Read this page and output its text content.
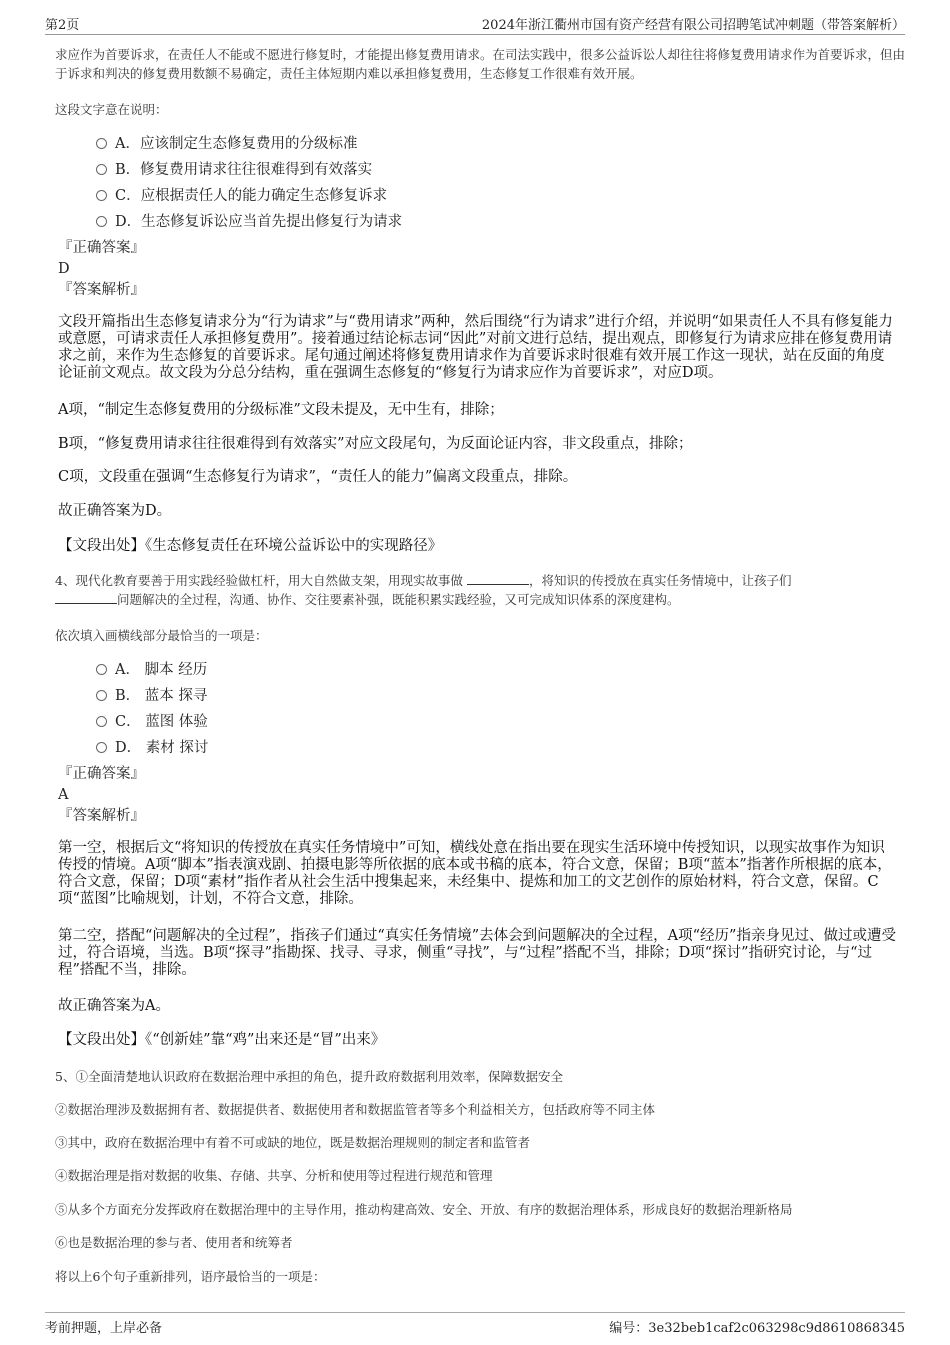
第2页	2024年浙江衢州市国有资产经营有限公司招聘笔试冲刺题（带答案解析）

求应作为首要诉求，在责任人不能或不愿进行修复时，才能提出修复费用请求。在司法实践中，很多公益诉讼人却往往将修复费用请求作为首要诉求，但由于诉求和判决的修复费用数额不易确定，责任主体短期内难以承担修复费用，生态修复工作很难有效开展。

这段文字意在说明：

A．应该制定生态修复费用的分级标准
B．修复费用请求往往很难得到有效落实
C．应根据责任人的能力确定生态修复诉求
D．生态修复诉讼应当首先提出修复行为请求
『正确答案』
D
『答案解析』

文段开篇指出生态修复请求分为“行为请求”与“费用请求”两种，然后围绕“行为请求”进行介绍，并说明“如果责任人不具有修复能力或意愿，可请求责任人承担修复费用”。接着通过结论标志词“因此”对前文进行总结，提出观点，即修复行为请求应排在修复费用请求之前，来作为生态修复的首要诉求。尾句通过阐述将修复费用请求作为首要诉求时很难有效开展工作这一现状，站在反面的角度论证前文观点。故文段为分总分结构，重在强调生态修复的“修复行为请求应作为首要诉求”，对应D项。

A项，“制定生态修复费用的分级标准”文段未提及，无中生有，排除；

B项，“修复费用请求往往很难得到有效落实”对应文段尾句，为反面论证内容，非文段重点，排除；

C项，文段重在强调“生态修复行为请求”，“责任人的能力”偏离文段重点，排除。

故正确答案为D。

【文段出处】《生态修复责任在环境公益诉讼中的实现路径》

4、现代化教育要善于用实践经验做杠杆，用大自然做支架，用现实故事做	，将知识的传授放在真实任务情境中，让孩子们
问题解决的全过程，沟通、协作、交往要素补强，既能积累实践经验，又可完成知识体系的深度建构。

依次填入画横线部分最恰当的一项是：

A． 脚本 经历
B． 蓝本 探寻
C． 蓝图 体验
D． 素材 探讨
『正确答案』
A
『答案解析』

第一空，根据后文“将知识的传授放在真实任务情境中”可知，横线处意在指出要在现实生活环境中传授知识，以现实故事作为知识传授的情境。A项“脚本”指表演戏剧、拍摄电影等所依据的底本或书稿的底本，符合文意，保留；B项“蓝本”指著作所根据的底本，符合文意，保留；D项“素材”指作者从社会生活中搜集起来，未经集中、提炼和加工的文艺创作的原始材料，符合文意，保留。C项“蓝图”比喻规划，计划，不符合文意，排除。

第二空，搭配“问题解决的全过程”，指孩子们通过“真实任务情境”去体会到问题解决的全过程，A项“经历”指亲身见过、做过或遭受过，符合语境，当选。B项“探寻”指勘探、找寻、寻求，侧重“寻找”，与“过程”搭配不当，排除；D项“探讨”指研究讨论，与“过程”搭配不当，排除。

故正确答案为A。

【文段出处】《“创新娃”靠“鸡”出来还是“冒”出来》

5、①全面清楚地认识政府在数据治理中承担的角色，提升政府数据利用效率，保障数据安全

②数据治理涉及数据拥有者、数据提供者、数据使用者和数据监管者等多个利益相关方，包括政府等不同主体

③其中，政府在数据治理中有着不可或缺的地位，既是数据治理规则的制定者和监管者

④数据治理是指对数据的收集、存储、共享、分析和使用等过程进行规范和管理

⑤从多个方面充分发挥政府在数据治理中的主导作用，推动构建高效、安全、开放、有序的数据治理体系，形成良好的数据治理新格局

⑥也是数据治理的参与者、使用者和统筹者

将以上6个句子重新排列，语序最恰当的一项是：

考前押题，上岸必备	编号：3e32beb1caf2c063298c9d8610868345
